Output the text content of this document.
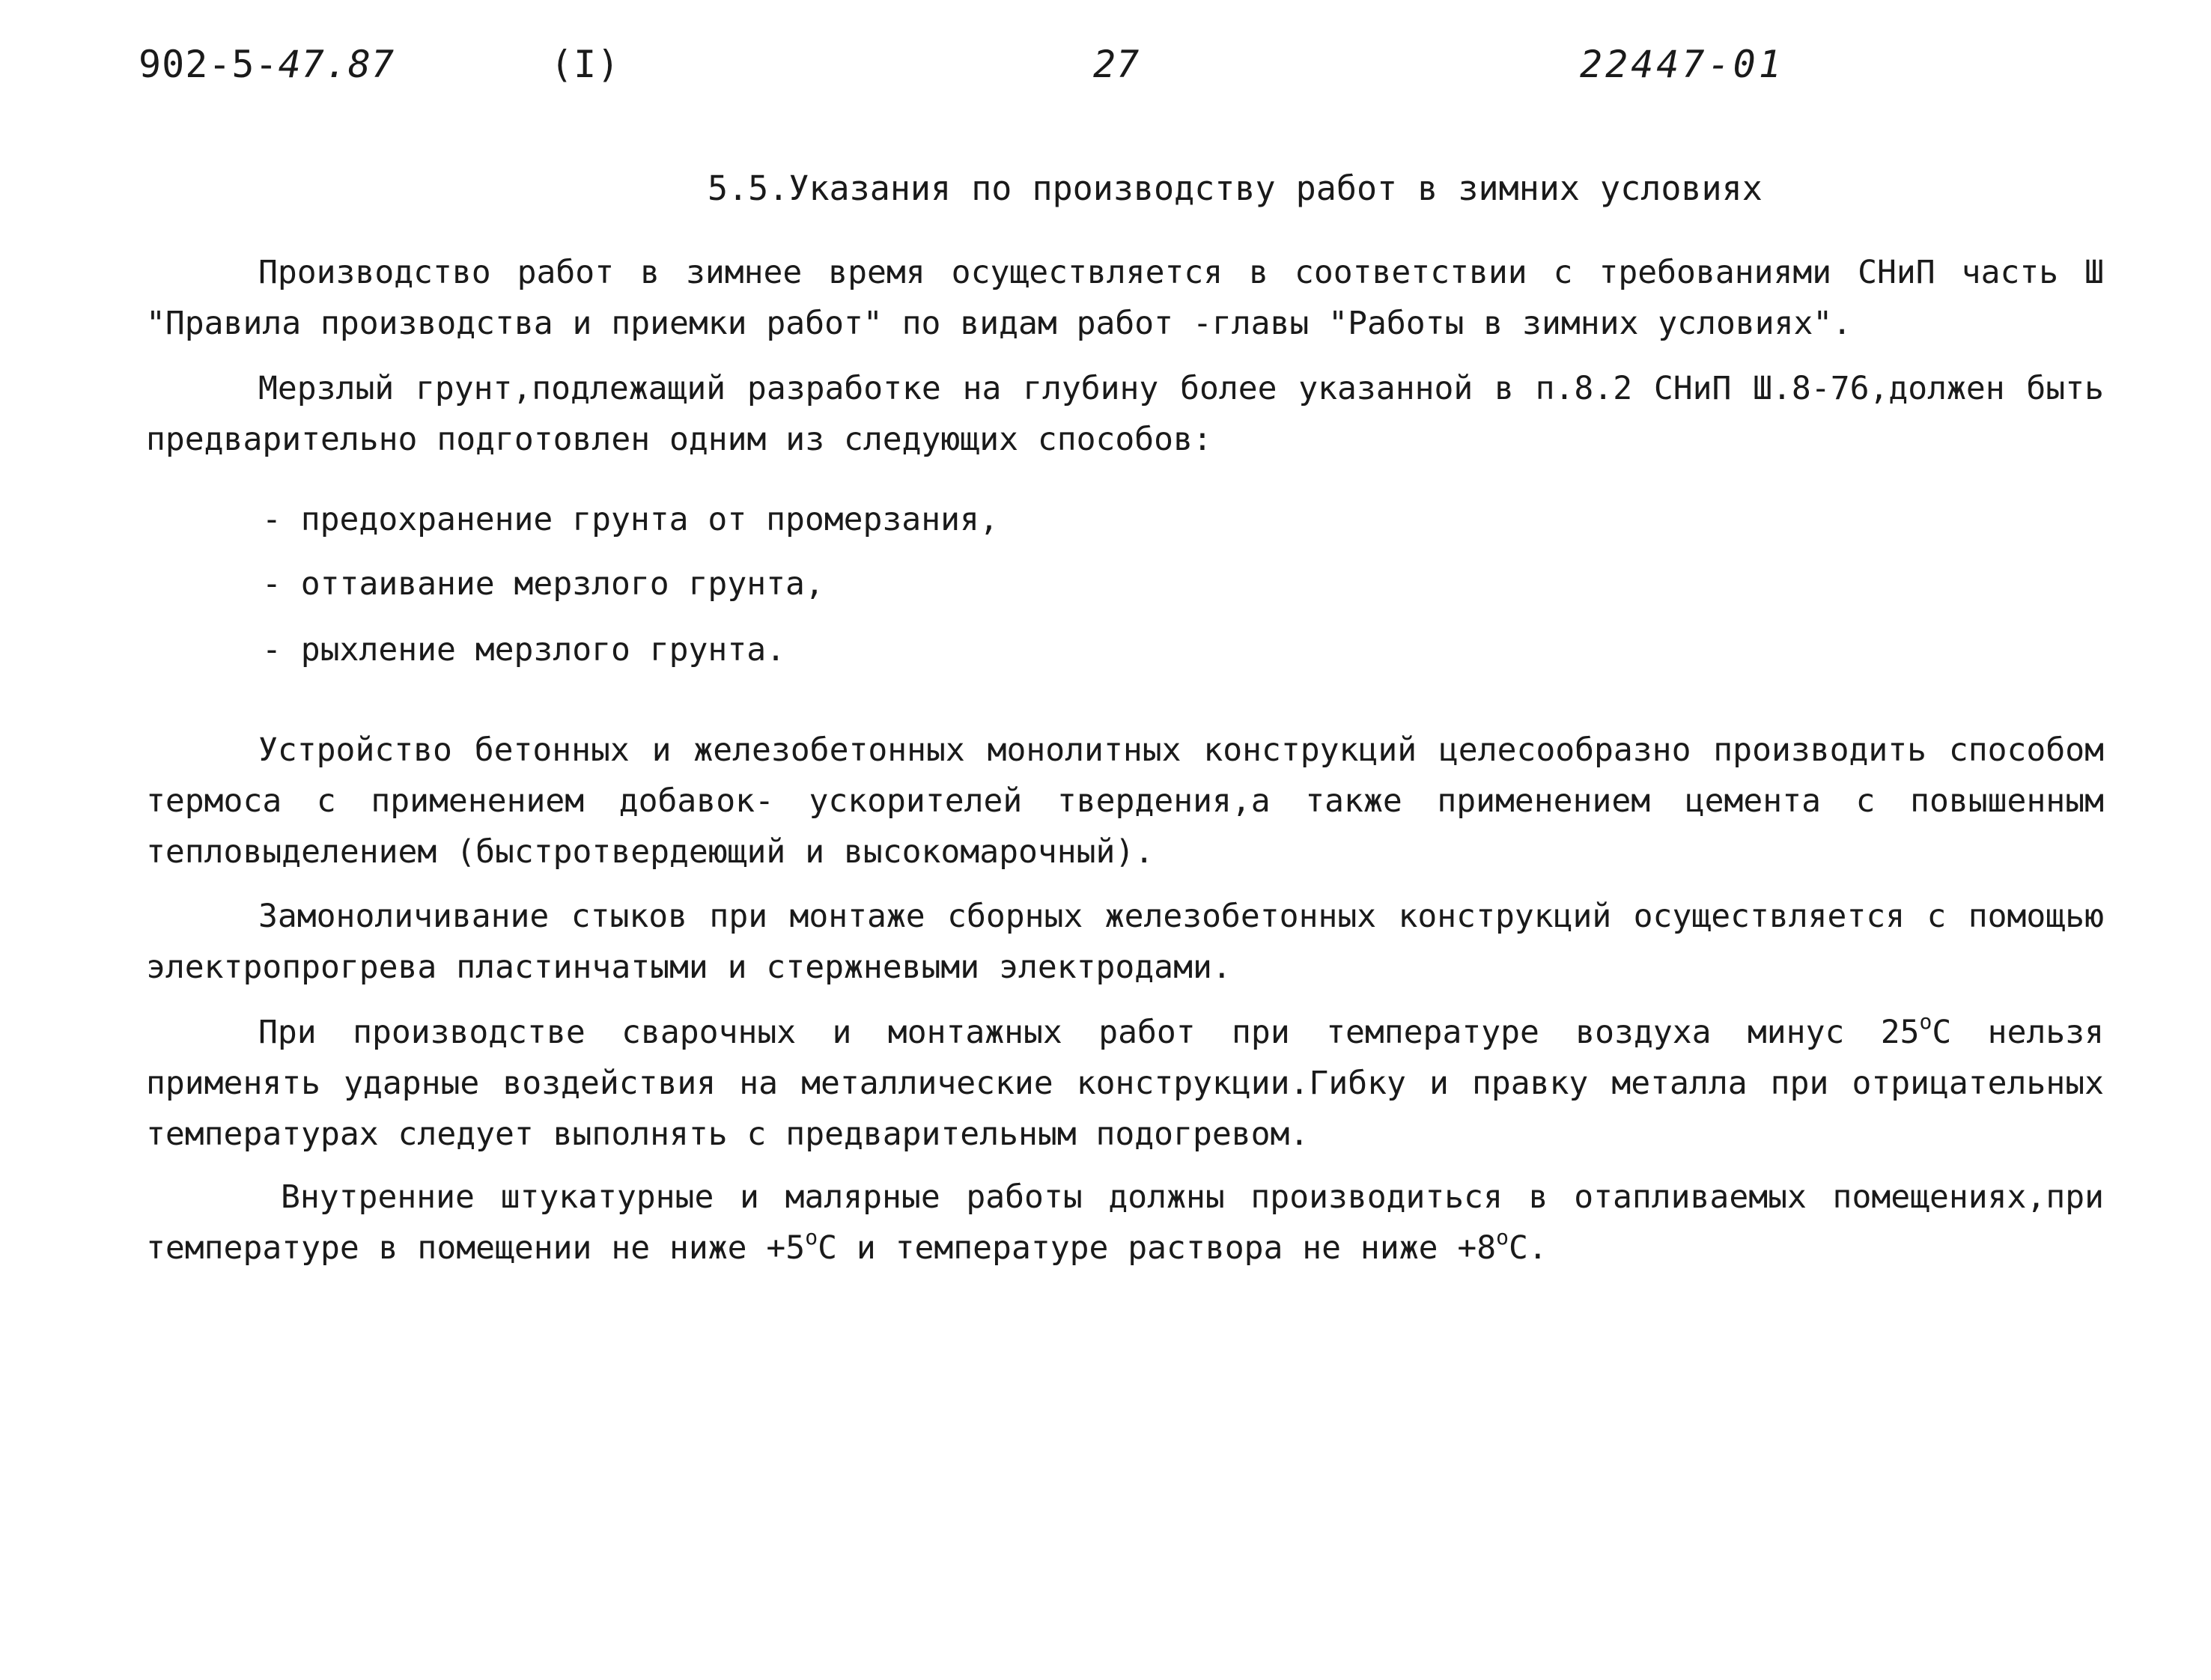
902-5-47.87	(I)	27	22447-01
5.5.Указания по производству работ в зимних условиях

Производство работ в зимнее время осуществляется в соответствии с требованиями СНиП часть Ш "Правила производства и приемки работ" по видам работ -главы "Работы в зимних условиях".

Мерзлый грунт,подлежащий разработке на глубину более указанной в п.8.2 СНиП Ш.8-76,должен быть предварительно подготовлен одним из следующих способов:

- предохранение грунта от промерзания,

- оттаивание мерзлого грунта,

- рыхление мерзлого грунта.

Устройство бетонных и железобетонных монолитных конструкций целесообразно производить способом термоса с применением добавок- ускорителей твердения,а также применением цемента с повышенным тепловыделением (быстротвердеющий и высокомарочный).

Замоноличивание стыков при монтаже сборных железобетонных конструкций осуществляется с помощью электропрогрева пластинчатыми и стержневыми электродами.

При производстве сварочных и монтажных работ при температуре воздуха минус $25^оС$ нельзя применять ударные воздействия на металлические конструкции.Гибку и правку металла при отрицательных температурах следует выполнять с предварительным подогревом.

Внутренние штукатурные и малярные работы должны производиться в отапливаемых помещениях,при температуре в помещении не ниже $+5^оС$ и температуре раствора не ниже $+8^оС$.
